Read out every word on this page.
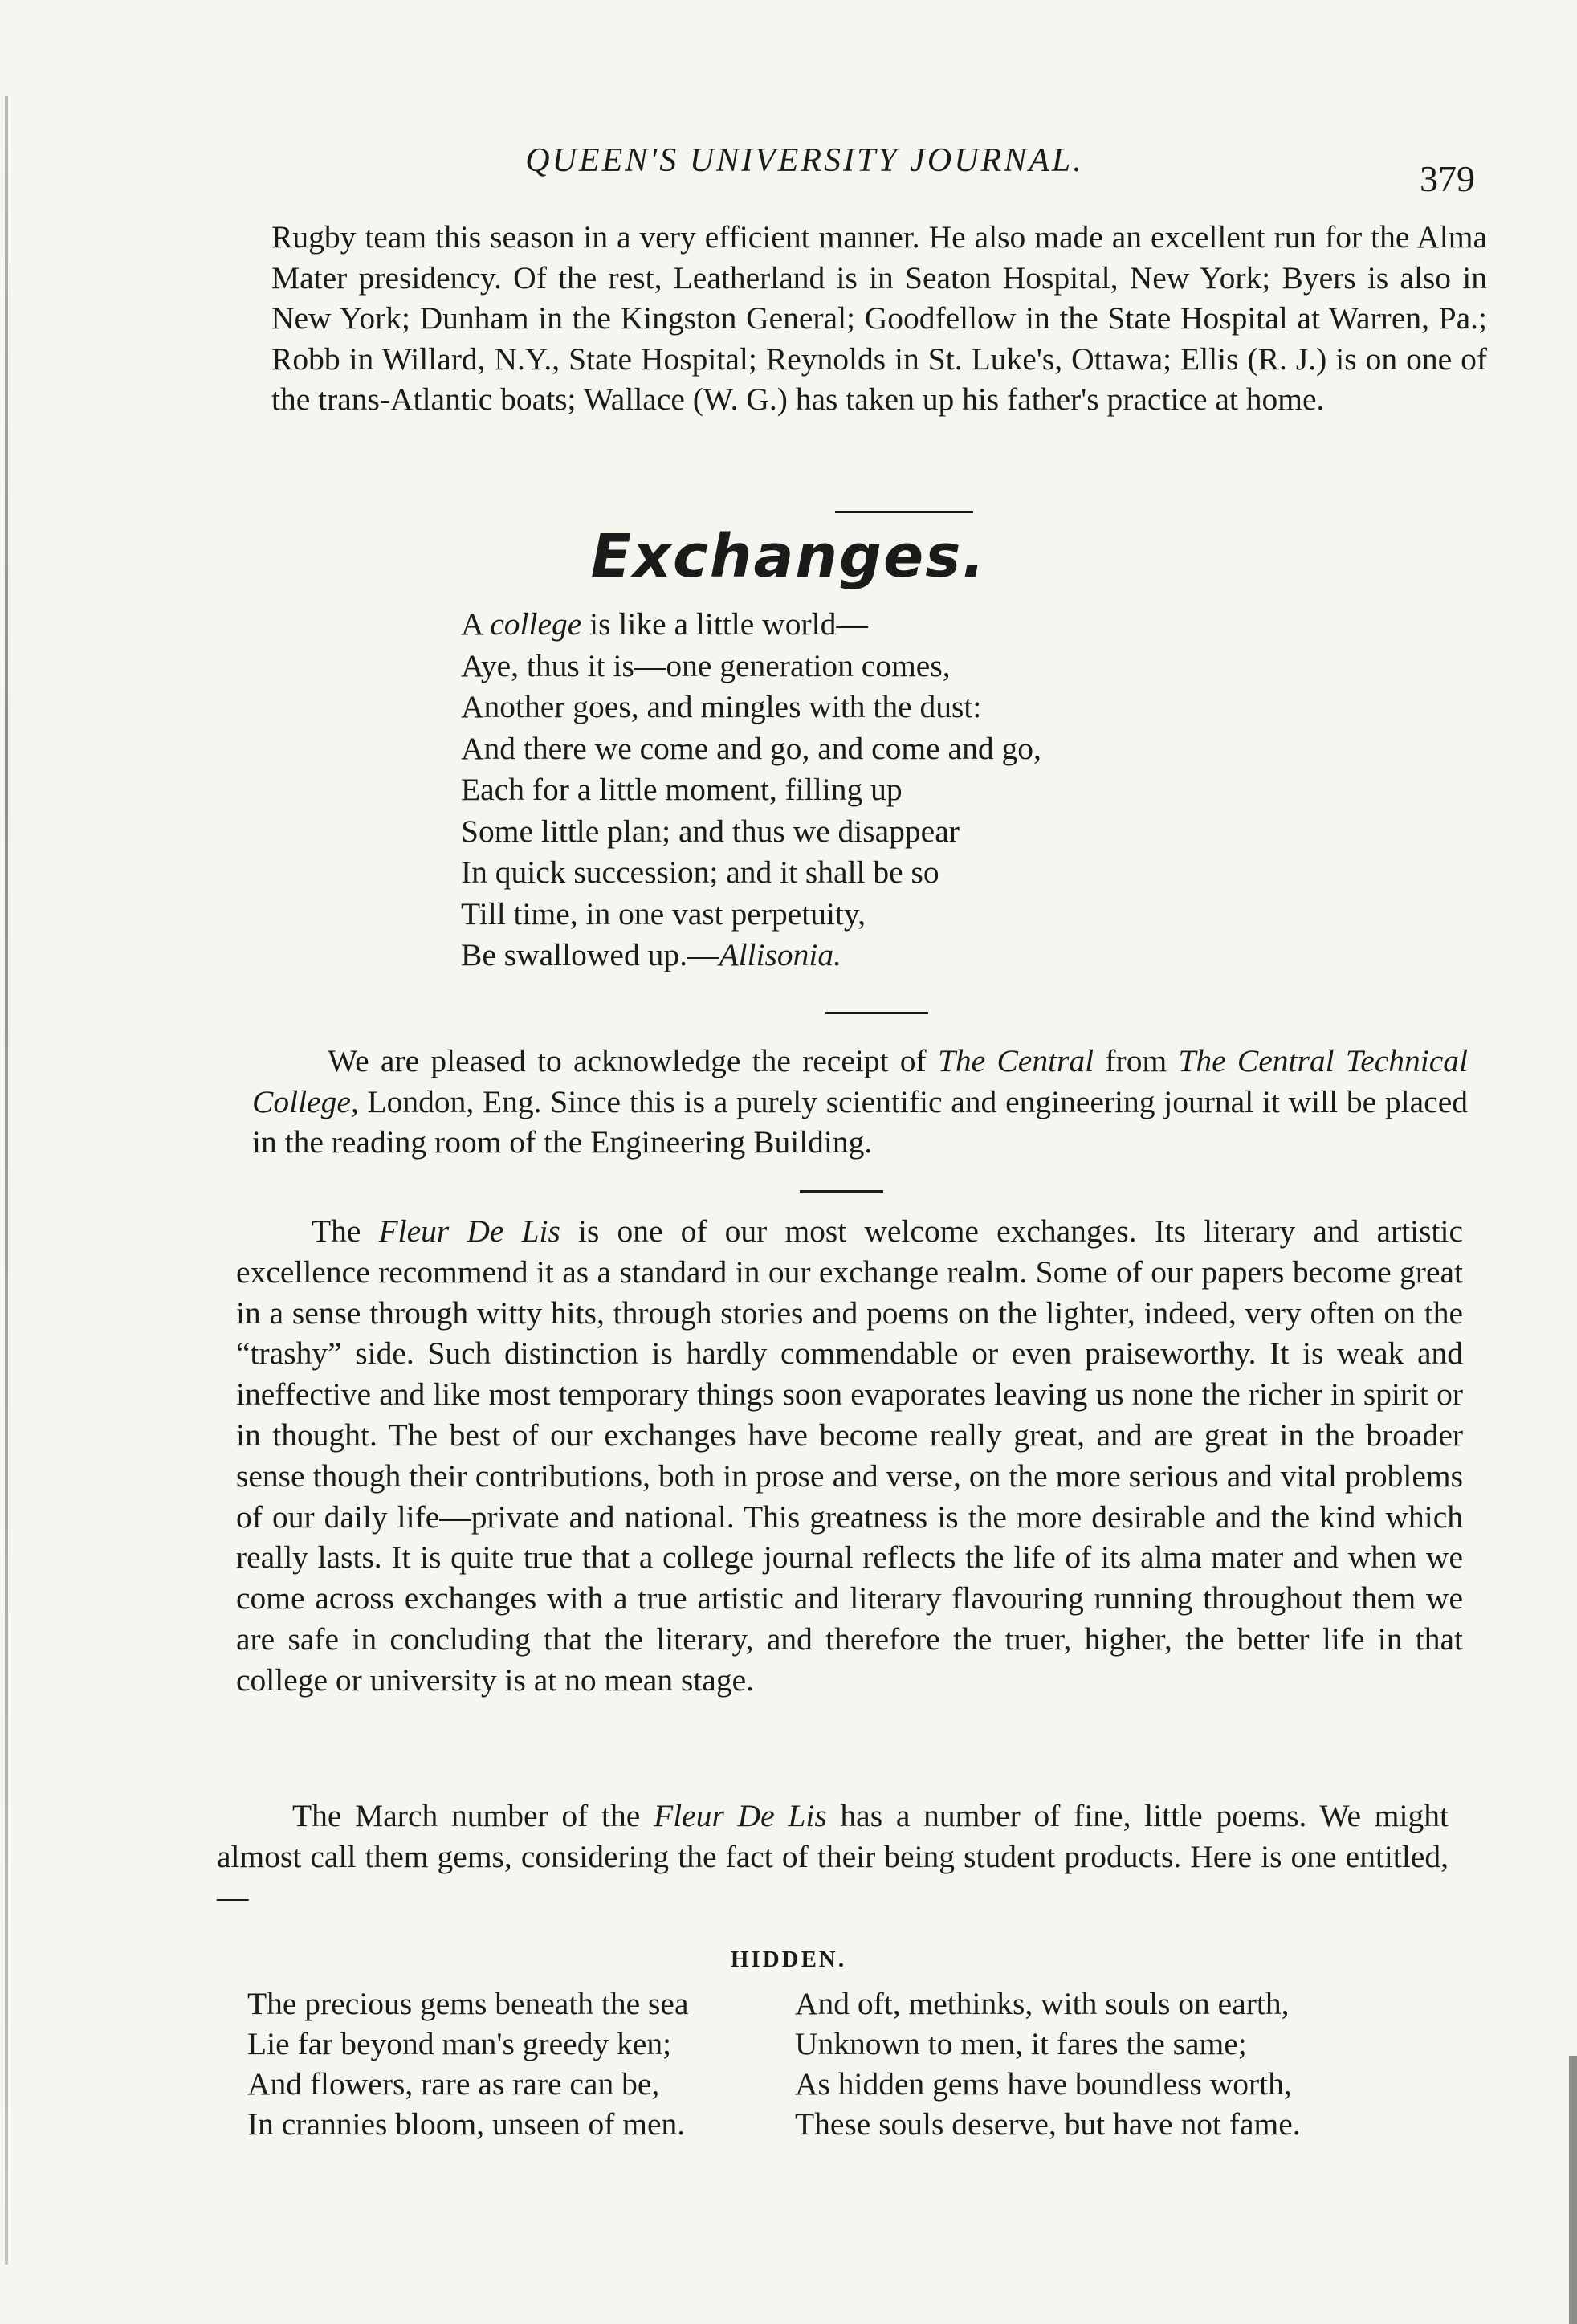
QUEEN'S UNIVERSITY JOURNAL.	379

Rugby team this season in a very efficient manner. He also made an excellent run for the Alma Mater presidency. Of the rest, Leatherland is in Seaton Hospital, New York; Byers is also in New York; Dunham in the Kingston General; Goodfellow in the State Hospital at Warren, Pa.; Robb in Willard, N.Y., State Hospital; Reynolds in St. Luke's, Ottawa; Ellis (R. J.) is on one of the trans-Atlantic boats; Wallace (W. G.) has taken up his father's practice at home.

Exchanges.
A college is like a little world—
Aye, thus it is—one generation comes,
Another goes, and mingles with the dust:
And there we come and go, and come and go,
Each for a little moment, filling up
Some little plan; and thus we disappear
In quick succession; and it shall be so
Till time, in one vast perpetuity,
Be swallowed up.—Allisonia.

We are pleased to acknowledge the receipt of The Central from The Central Technical College, London, Eng. Since this is a purely scientific and engineering journal it will be placed in the reading room of the Engineering Building.

The Fleur De Lis is one of our most welcome exchanges. Its literary and artistic excellence recommend it as a standard in our exchange realm. Some of our papers become great in a sense through witty hits, through stories and poems on the lighter, indeed, very often on the “trashy” side. Such distinction is hardly commendable or even praiseworthy. It is weak and ineffective and like most temporary things soon evaporates leaving us none the richer in spirit or in thought. The best of our exchanges have become really great, and are great in the broader sense though their contributions, both in prose and verse, on the more serious and vital problems of our daily life—private and national. This greatness is the more desirable and the kind which really lasts. It is quite true that a college journal reflects the life of its alma mater and when we come across exchanges with a true artistic and literary flavouring running throughout them we are safe in concluding that the literary, and therefore the truer, higher, the better life in that college or university is at no mean stage.

The March number of the Fleur De Lis has a number of fine, little poems. We might almost call them gems, considering the fact of their being student products. Here is one entitled,—

HIDDEN.
The precious gems beneath the sea
Lie far beyond man's greedy ken;
And flowers, rare as rare can be,
In crannies bloom, unseen of men.
And oft, methinks, with souls on earth,
Unknown to men, it fares the same;
As hidden gems have boundless worth,
These souls deserve, but have not fame.
